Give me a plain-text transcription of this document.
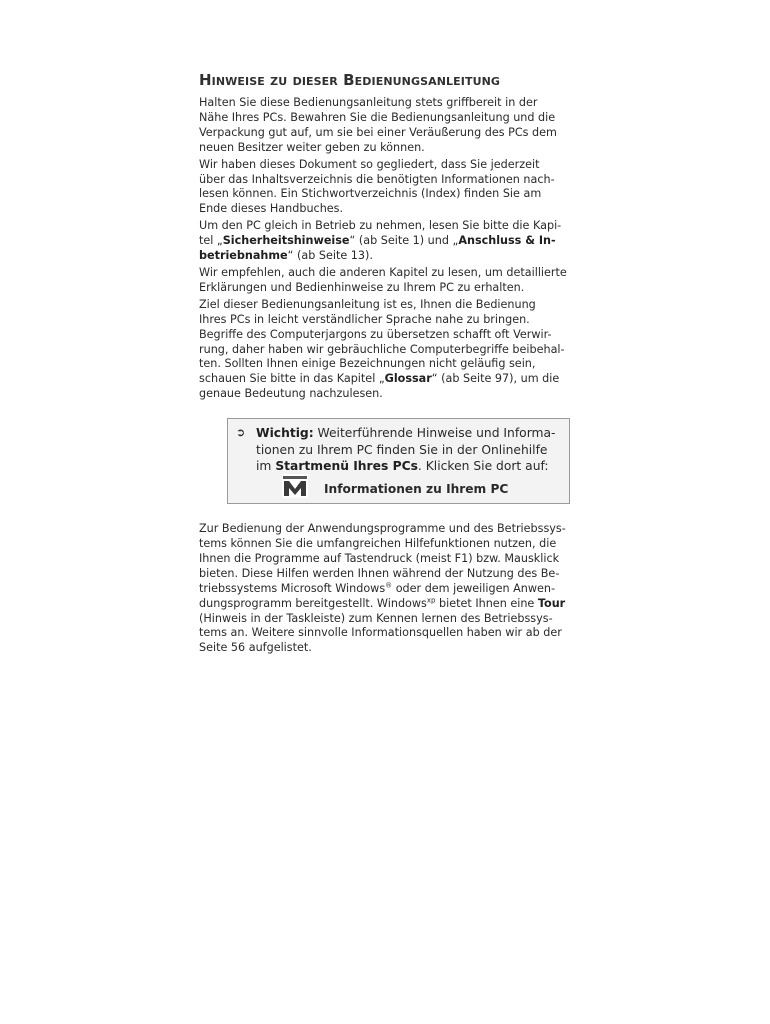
Hinweise zu dieser Bedienungsanleitung

Halten Sie diese Bedienungsanleitung stets griffbereit in der
Nähe Ihres PCs. Bewahren Sie die Bedienungsanleitung und die
Verpackung gut auf, um sie bei einer Veräußerung des PCs dem
neuen Besitzer weiter geben zu können.

Wir haben dieses Dokument so gegliedert, dass Sie jederzeit
über das Inhaltsverzeichnis die benötigten Informationen nach-
lesen können. Ein Stichwortverzeichnis (Index) finden Sie am
Ende dieses Handbuches.

Um den PC gleich in Betrieb zu nehmen, lesen Sie bitte die Kapi-
tel „Sicherheitshinweise“ (ab Seite 1) und „Anschluss & In-
betriebnahme“ (ab Seite 13).

Wir empfehlen, auch die anderen Kapitel zu lesen, um detaillierte
Erklärungen und Bedienhinweise zu Ihrem PC zu erhalten.

Ziel dieser Bedienungsanleitung ist es, Ihnen die Bedienung
Ihres PCs in leicht verständlicher Sprache nahe zu bringen.
Begriffe des Computerjargons zu übersetzen schafft oft Verwir-
rung, daher haben wir gebräuchliche Computerbegriffe beibehal-
ten. Sollten Ihnen einige Bezeichnungen nicht geläufig sein,
schauen Sie bitte in das Kapitel „Glossar“ (ab Seite 97), um die
genaue Bedeutung nachzulesen.

➲ Wichtig: Weiterführende Hinweise und Informa-
tionen zu Ihrem PC finden Sie in der Onlinehilfe
im Startmenü Ihres PCs. Klicken Sie dort auf:
Informationen zu Ihrem PC

Zur Bedienung der Anwendungsprogramme und des Betriebssys-
tems können Sie die umfangreichen Hilfefunktionen nutzen, die
Ihnen die Programme auf Tastendruck (meist F1) bzw. Mausklick
bieten. Diese Hilfen werden Ihnen während der Nutzung des Be-
triebssystems Microsoft Windows® oder dem jeweiligen Anwen-
dungsprogramm bereitgestellt. Windows$^{xp}$ bietet Ihnen eine Tour
(Hinweis in der Taskleiste) zum Kennen lernen des Betriebssys-
tems an. Weitere sinnvolle Informationsquellen haben wir ab der
Seite 56 aufgelistet.
